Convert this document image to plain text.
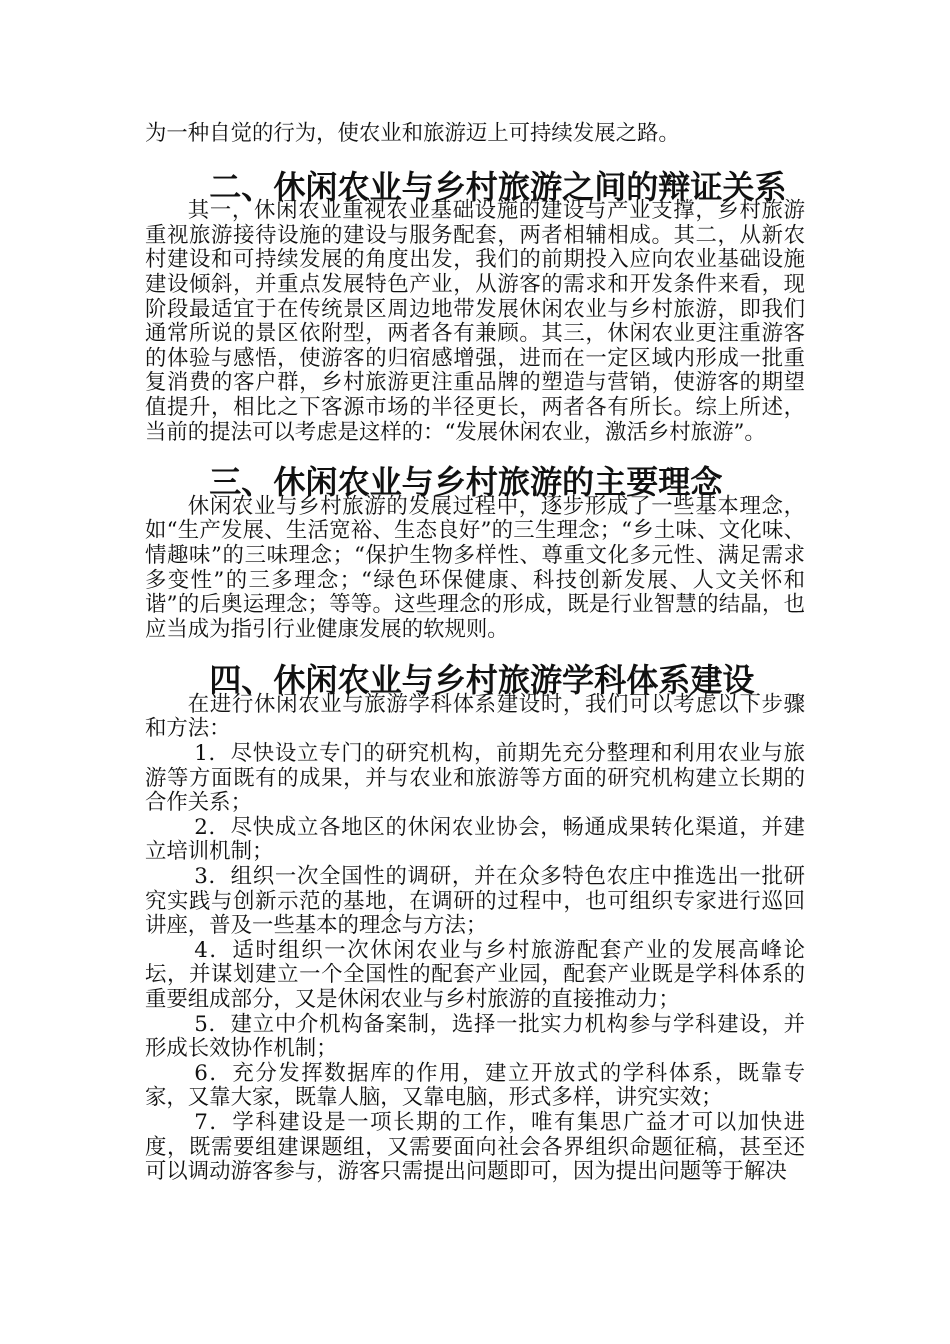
为一种自觉的行为，使农业和旅游迈上可持续发展之路。

二、休闲农业与乡村旅游之间的辩证关系

其一，休闲农业重视农业基础设施的建设与产业支撑，乡村旅游重视旅游接待设施的建设与服务配套，两者相辅相成。其二，从新农村建设和可持续发展的角度出发，我们的前期投入应向农业基础设施建设倾斜，并重点发展特色产业，从游客的需求和开发条件来看，现阶段最适宜于在传统景区周边地带发展休闲农业与乡村旅游，即我们通常所说的景区依附型，两者各有兼顾。其三，休闲农业更注重游客的体验与感悟，使游客的归宿感增强，进而在一定区域内形成一批重复消费的客户群，乡村旅游更注重品牌的塑造与营销，使游客的期望值提升，相比之下客源市场的半径更长，两者各有所长。综上所述，当前的提法可以考虑是这样的：“发展休闲农业，激活乡村旅游”。

三、休闲农业与乡村旅游的主要理念

休闲农业与乡村旅游的发展过程中，逐步形成了一些基本理念，如“生产发展、生活宽裕、生态良好”的三生理念；“乡土味、文化味、情趣味”的三味理念；“保护生物多样性、尊重文化多元性、满足需求多变性”的三多理念；“绿色环保健康、科技创新发展、人文关怀和谐”的后奥运理念；等等。这些理念的形成，既是行业智慧的结晶，也应当成为指引行业健康发展的软规则。

四、休闲农业与乡村旅游学科体系建设

在进行休闲农业与旅游学科体系建设时，我们可以考虑以下步骤和方法：

1．尽快设立专门的研究机构，前期先充分整理和利用农业与旅游等方面既有的成果，并与农业和旅游等方面的研究机构建立长期的合作关系；

2．尽快成立各地区的休闲农业协会，畅通成果转化渠道，并建立培训机制；

3．组织一次全国性的调研，并在众多特色农庄中推选出一批研究实践与创新示范的基地，在调研的过程中，也可组织专家进行巡回讲座，普及一些基本的理念与方法；

4．适时组织一次休闲农业与乡村旅游配套产业的发展高峰论坛，并谋划建立一个全国性的配套产业园，配套产业既是学科体系的重要组成部分，又是休闲农业与乡村旅游的直接推动力；

5．建立中介机构备案制，选择一批实力机构参与学科建设，并形成长效协作机制；

6．充分发挥数据库的作用，建立开放式的学科体系，既靠专家，又靠大家，既靠人脑，又靠电脑，形式多样，讲究实效；

7．学科建设是一项长期的工作，唯有集思广益才可以加快进度，既需要组建课题组，又需要面向社会各界组织命题征稿，甚至还可以调动游客参与，游客只需提出问题即可，因为提出问题等于解决
